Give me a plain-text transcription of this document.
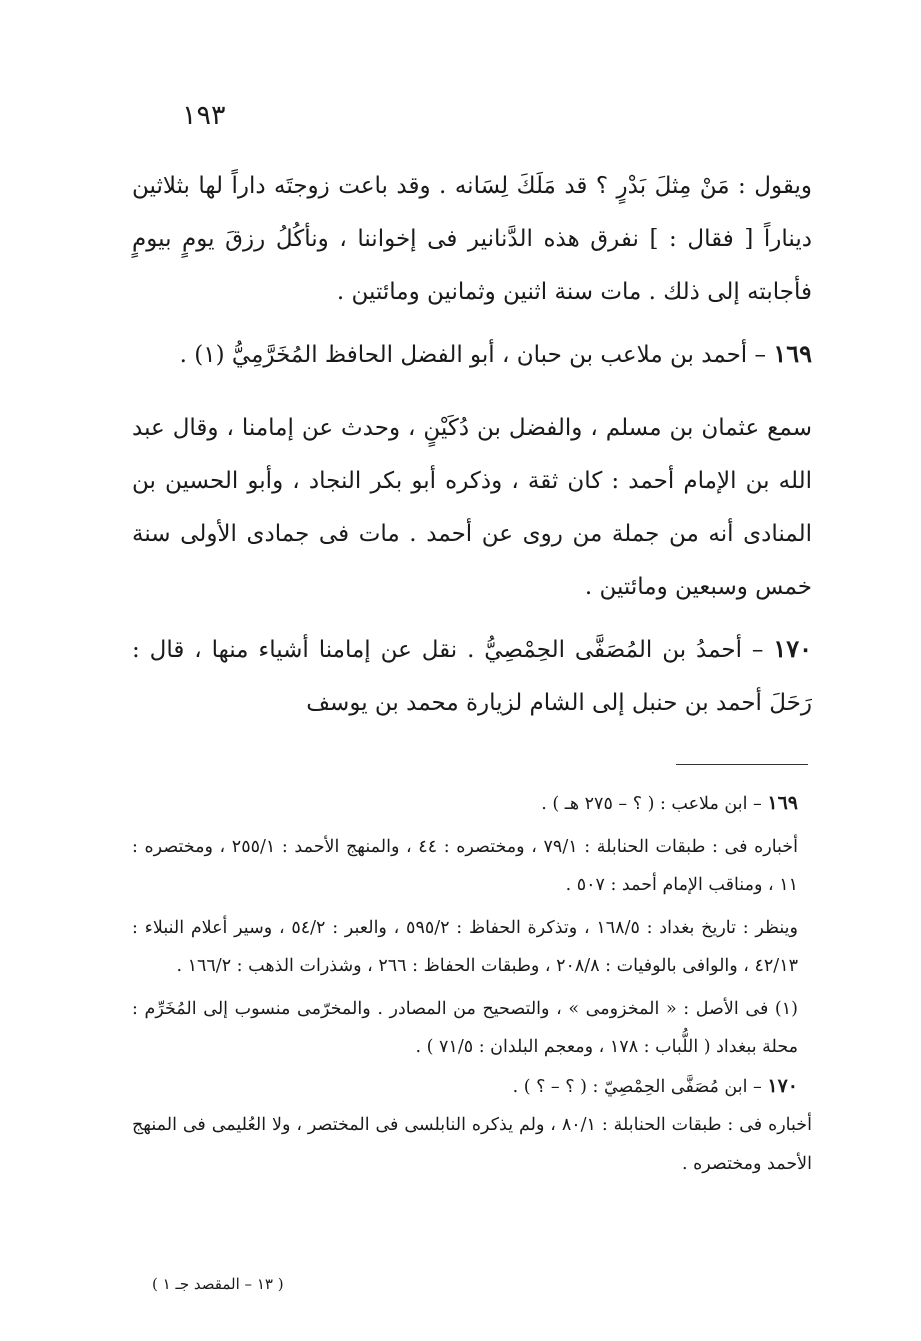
١٩٣

ويقول : مَنْ مِثلَ بَدْرٍ ؟ قد مَلَكَ لِسَانه . وقد باعت زوجتَه داراً لها بثلاثين ديناراً [ فقال : ] نفرق هذه الدَّنانير فى إخواننا ، ونأكُلُ رزقَ يومٍ بيومٍ فأجابته إلى ذلك . مات سنة اثنين وثمانين ومائتين .

١٦٩ – أحمد بن ملاعب بن حبان ، أبو الفضل الحافظ المُخَرَّمِيُّ (١) .

سمع عثمان بن مسلم ، والفضل بن دُكَيْنٍ ، وحدث عن إمامنا ، وقال عبد الله بن الإمام أحمد : كان ثقة ، وذكره أبو بكر النجاد ، وأبو الحسين بن المنادى أنه من جملة من روى عن أحمد . مات فى جمادى الأولى سنة خمس وسبعين ومائتين .

١٧٠ – أحمدُ بن المُصَفَّى الحِمْصِيُّ . نقل عن إمامنا أشياء منها ، قال : رَحَلَ أحمد بن حنبل إلى الشام لزيارة محمد بن يوسف

١٦٩ – ابن ملاعب : ( ؟ – ٢٧٥ هـ ) .

أخباره فى : طبقات الحنابلة : ٧٩/١ ، ومختصره : ٤٤ ، والمنهج الأحمد : ٢٥٥/١ ، ومختصره : ١١ ، ومناقب الإمام أحمد : ٥٠٧ .

وينظر : تاريخ بغداد : ١٦٨/٥ ، وتذكرة الحفاظ : ٥٩٥/٢ ، والعبر : ٥٤/٢ ، وسير أعلام النبلاء : ٤٢/١٣ ، والوافى بالوفيات : ٢٠٨/٨ ، وطبقات الحفاظ : ٢٦٦ ، وشذرات الذهب : ١٦٦/٢ .

(١) فى الأصل : « المخزومى » ، والتصحيح من المصادر . والمخرّمى منسوب إلى المُخَرِّم : محلة ببغداد ( اللُّباب : ١٧٨ ، ومعجم البلدان : ٧١/٥ ) .

١٧٠ – ابن مُصَفَّى الحِمْصِيّ : ( ؟ – ؟ ) .

أخباره فى : طبقات الحنابلة : ٨٠/١ ، ولم يذكره النابلسى فى المختصر ، ولا العُليمى فى المنهج الأحمد ومختصره .

( ١٣ – المقصد جـ ١ )
